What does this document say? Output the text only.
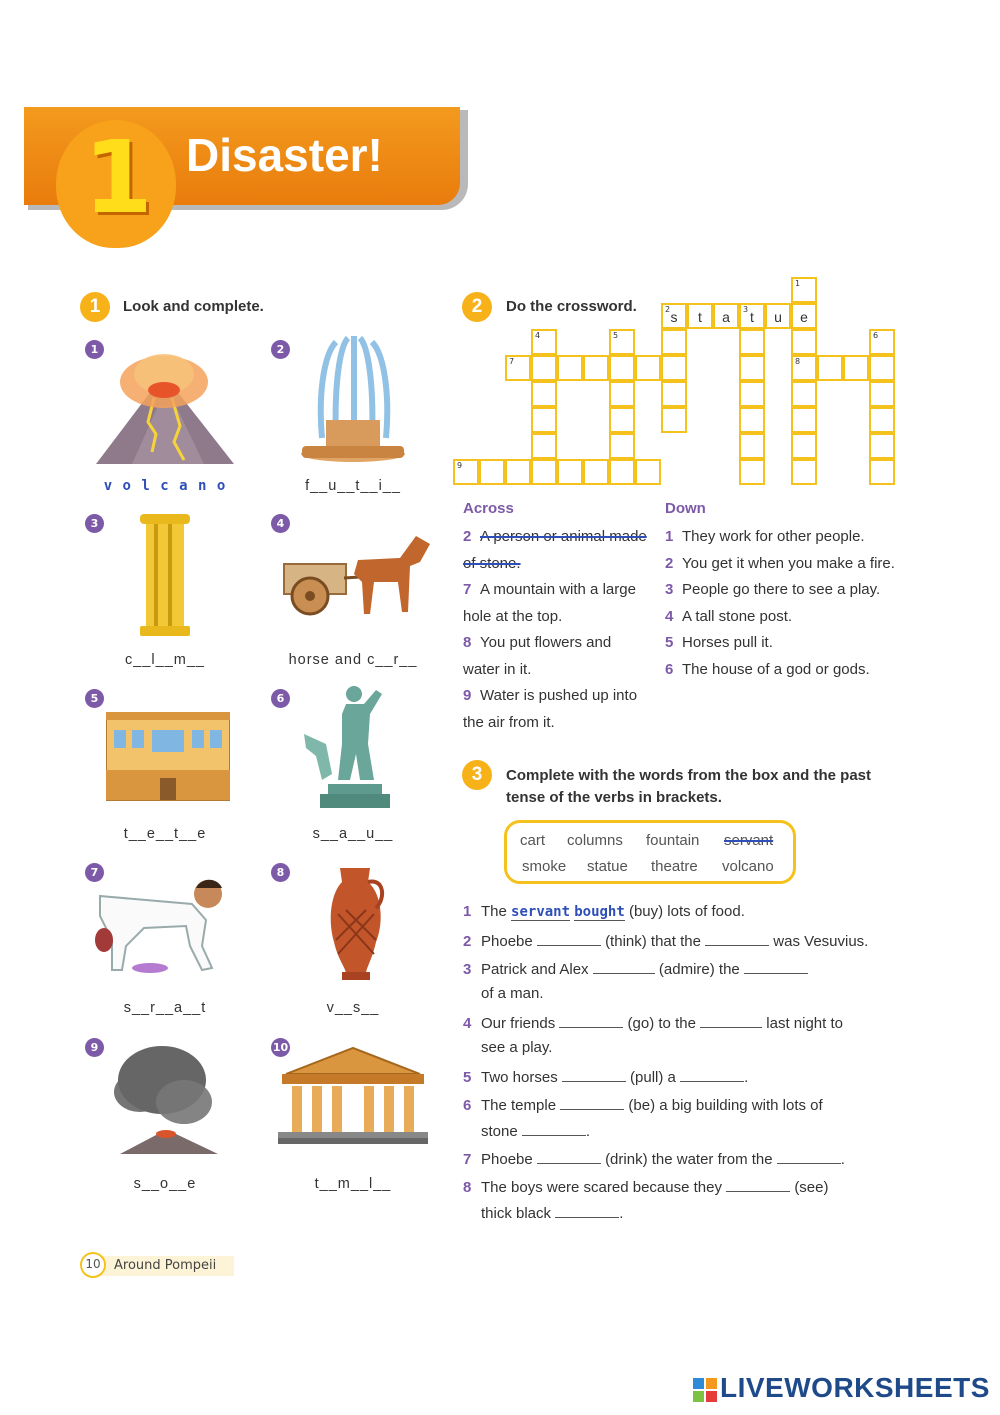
1 Disaster!
1	Look and complete.
1	2
3	4
5	6
7	8
9	10
v o l c a n o	f__u__t__i__
c__l__m__	horse and c__r__
t__e__t__e	s__a__u__
s__r__a__t	v__s__
s__o__e	t__m__l__
2	Do the crossword.
1
e
8
2 s	t	a	3 t	u
4	5	6
7
9
Across	Down
2 A person or animal made of stone.
7 A mountain with a large hole at the top.
8 You put flowers and water in it.
9 Water is pushed up into the air from it.
1 They work for other people.
2 You get it when you make a fire.
3 People go there to see a play.
4 A tall stone post.
5 Horses pull it.
6 The house of a god or gods.
3	Complete with the words from the box and the past tense of the verbs in brackets.
cart columns fountain servant
smoke statue theatre volcano
1 The servant bought (buy) lots of food.
2 Phoebe	(think) that the	was Vesuvius.
3 Patrick and Alex	(admire) the
of a man.
4 Our friends	(go) to the	last night to
see a play.
5 Two horses	(pull) a	.
6 The temple	(be) a big building with lots of
stone	.
7 Phoebe	(drink) the water from the	.
8 The boys were scared because they	(see)
thick black	.
10	Around Pompeii
LIVEWORKSHEETS
